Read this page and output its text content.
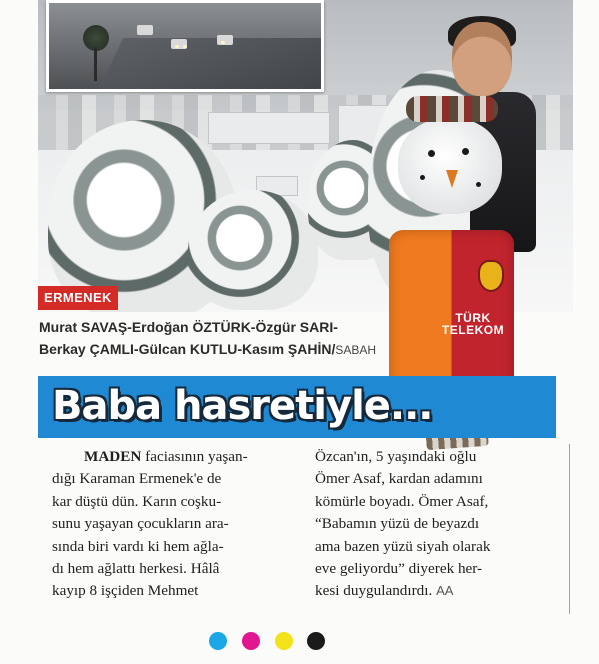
TÜRK
TELEKOM
ERMENEK
Murat SAVAŞ-Erdoğan ÖZTÜRK-Özgür SARI-
Berkay ÇAMLI-Gülcan KUTLU-Kasım ŞAHİN/SABAH
Baba hasretiyle...

MADEN faciasının yaşan-

dığı Karaman Ermenek'e de

kar düştü dün. Karın coşku-

sunu yaşayan çocukların ara-

sında biri vardı ki hem ağla-

dı hem ağlattı herkesi. Hâlâ

kayıp 8 işçiden Mehmet

Özcan'ın, 5 yaşındaki oğlu

Ömer Asaf, kardan adamını

kömürle boyadı. Ömer Asaf,

“Babamın yüzü de beyazdı

ama bazen yüzü siyah olarak

eve geliyordu” diyerek her-

kesi duygulandırdı. AA
